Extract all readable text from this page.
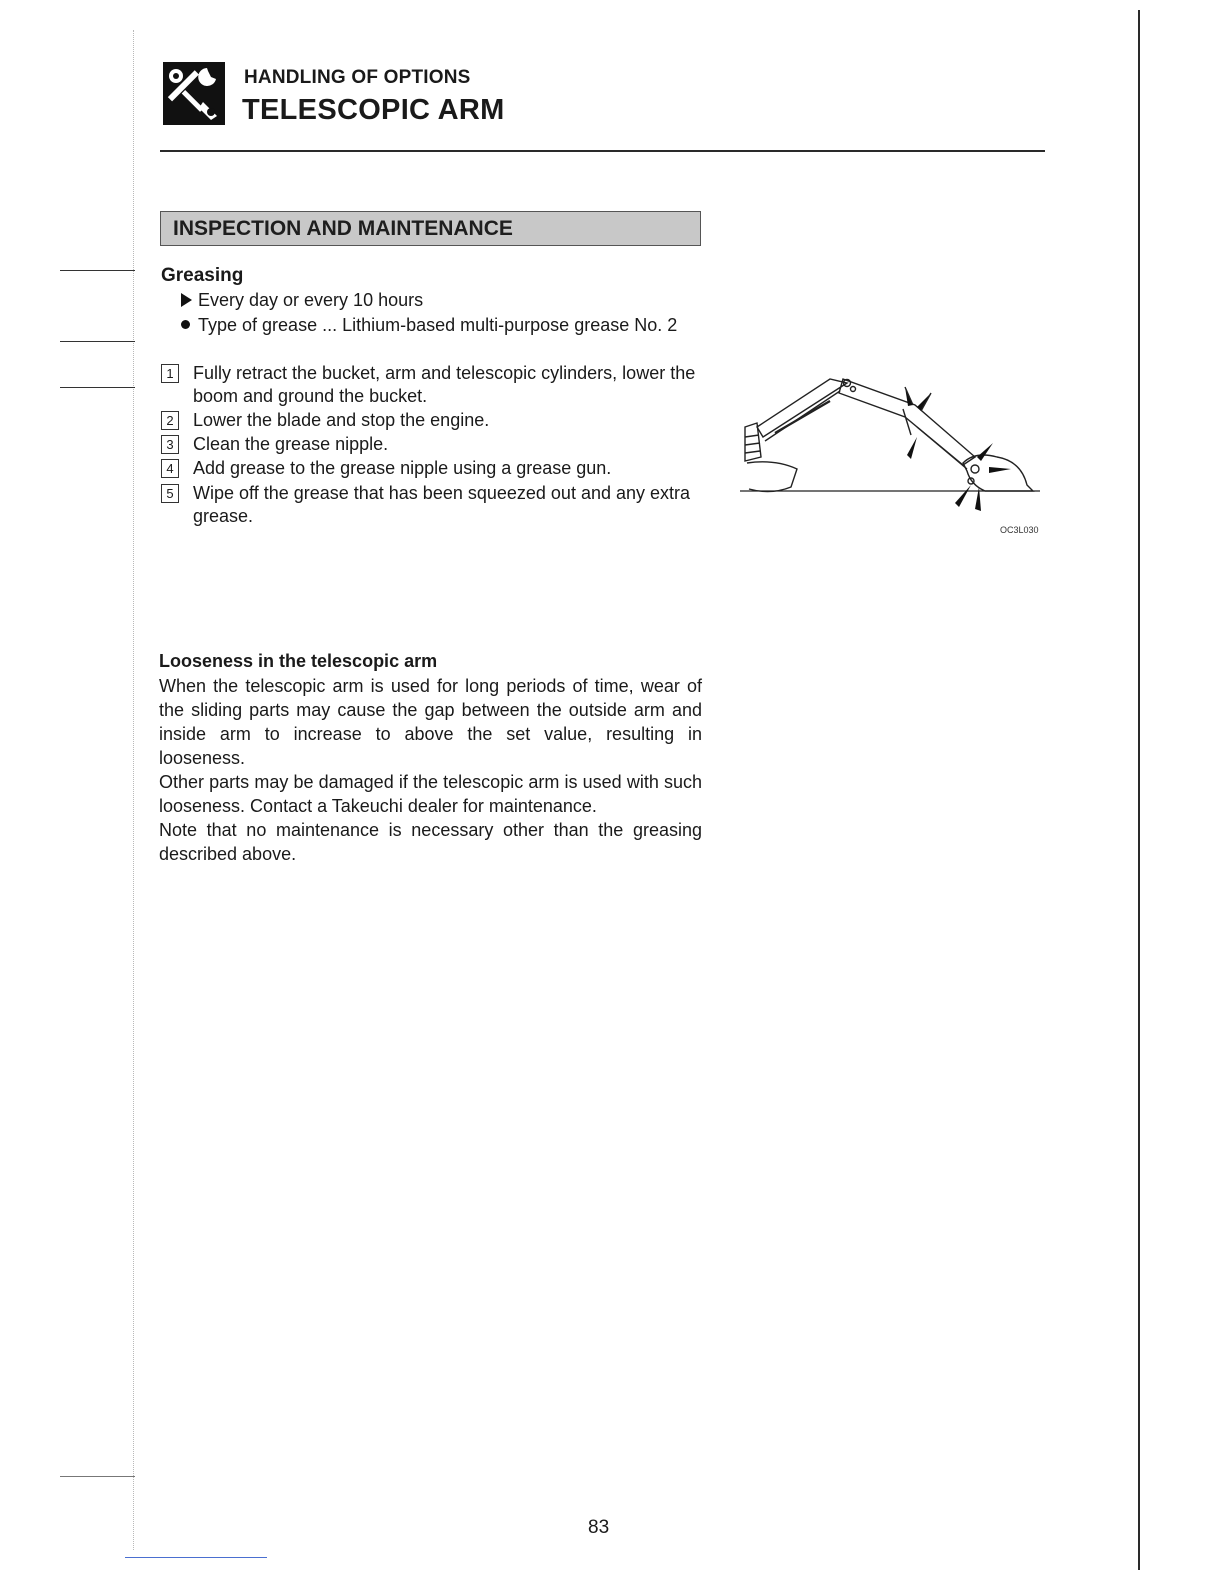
HANDLING OF OPTIONS
TELESCOPIC ARM
INSPECTION AND MAINTENANCE
Greasing
Every day or every 10 hours
Type of grease ... Lithium-based multi-purpose grease No. 2
1 Fully retract the bucket, arm and telescopic cylinders, lower the boom and ground the bucket.
2 Lower the blade and stop the engine.
3 Clean the grease nipple.
4 Add grease to the grease nipple using a grease gun.
5 Wipe off the grease that has been squeezed out and any extra grease.
OC3L030
Looseness in the telescopic arm

When the telescopic arm is used for long periods of time, wear of the sliding parts may cause the gap between the outside arm and inside arm to increase to above the set value, resulting in looseness.

Other parts may be damaged if the telescopic arm is used with such looseness. Contact a Takeuchi dealer for maintenance.

Note that no maintenance is necessary other than the greasing described above.

83
